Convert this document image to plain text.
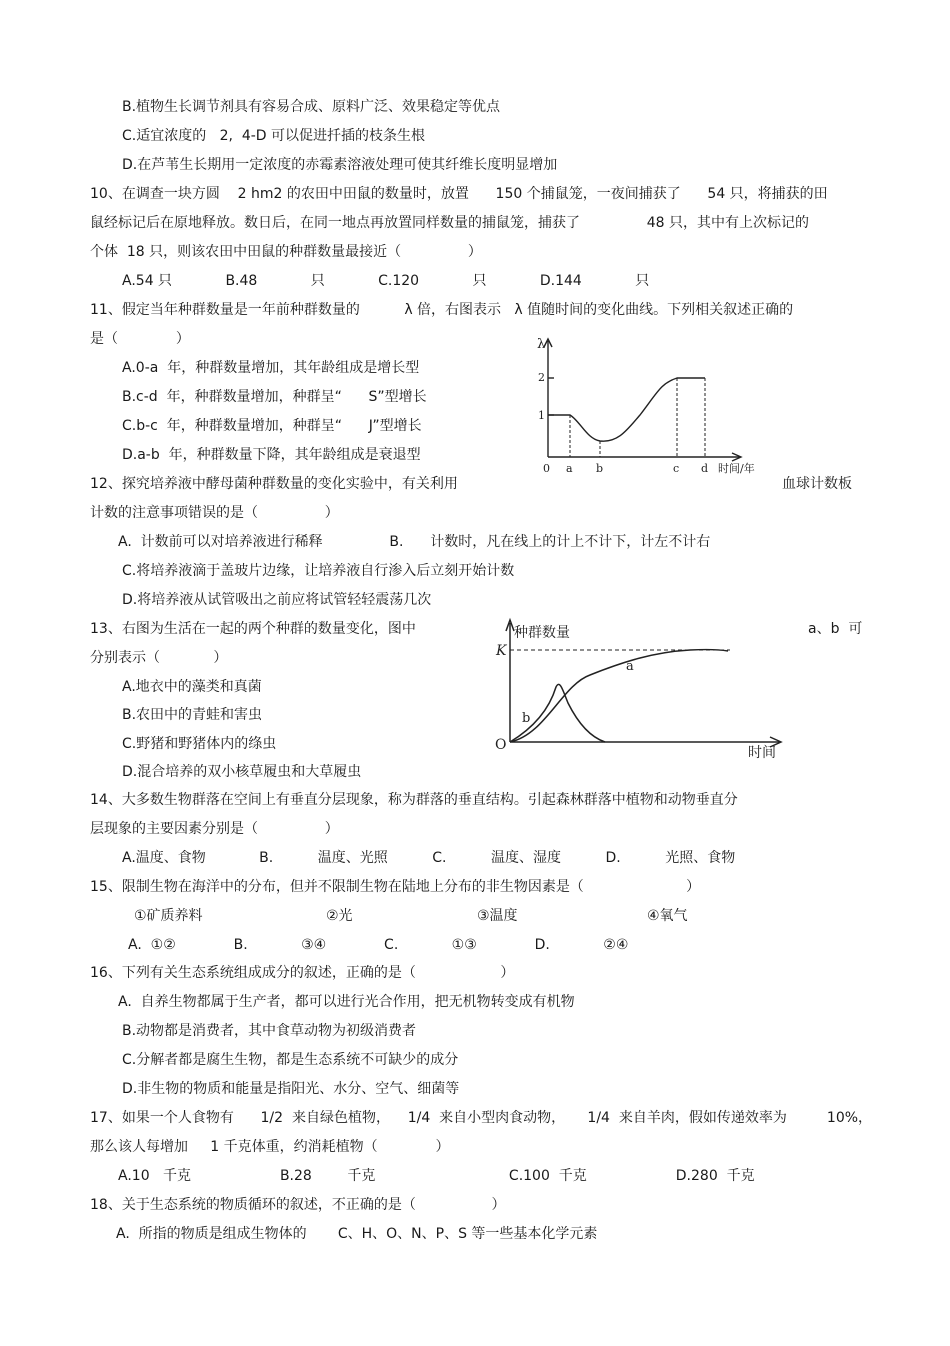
B.植物生长调节剂具有容易合成、原料广泛、效果稳定等优点
C.适宜浓度的   2,  4-D 可以促进扦插的枝条生根
D.在芦苇生长期用一定浓度的赤霉素溶液处理可使其纤维长度明显增加
10、在调查一块方圆    2 hm2 的农田中田鼠的数量时，放置      150 个捕鼠笼，一夜间捕获了      54 只，将捕获的田
鼠经标记后在原地释放。数日后，在同一地点再放置同样数量的捕鼠笼，捕获了               48 只，其中有上次标记的
个体  18 只，则该农田中田鼠的种群数量最接近（               ）
A.54 只            B.48            只            C.120            只            D.144            只
11、假定当年种群数量是一年前种群数量的          λ 倍，右图表示   λ 值随时间的变化曲线。下列相关叙述正确的
是（             ）
A.0-a  年，种群数量增加，其年龄组成是增长型
B.c-d  年，种群数量增加，种群呈“      S”型增长
C.b-c  年，种群数量增加，种群呈“      J”型增长
D.a-b  年，种群数量下降，其年龄组成是衰退型
12、探究培养液中酵母菌种群数量的变化实验中，有关利用	血球计数板
计数的注意事项错误的是（               ）
A.  计数前可以对培养液进行稀释               B.      计数时，凡在线上的计上不计下，计左不计右
C.将培养液滴于盖玻片边缘，让培养液自行渗入后立刻开始计数
D.将培养液从试管吸出之前应将试管轻轻震荡几次
13、右图为生活在一起的两个种群的数量变化，图中	a、b  可
分别表示（            ）
A.地衣中的藻类和真菌
B.农田中的青蛙和害虫
C.野猪和野猪体内的绦虫
D.混合培养的双小核草履虫和大草履虫
14、大多数生物群落在空间上有垂直分层现象，称为群落的垂直结构。引起森林群落中植物和动物垂直分
层现象的主要因素分别是（               ）
A.温度、食物            B.          温度、光照          C.          温度、湿度          D.          光照、食物
15、限制生物在海洋中的分布，但并不限制生物在陆地上分布的非生物因素是（                       ）
①矿质养料	②光	③温度	④氧气
A.  ①②             B.            ③④             C.            ①③             D.            ②④
16、下列有关生态系统组成成分的叙述，正确的是（                   ）
A.  自养生物都属于生产者，都可以进行光合作用，把无机物转变成有机物
B.动物都是消费者，其中食草动物为初级消费者
C.分解者都是腐生生物，都是生态系统不可缺少的成分
D.非生物的物质和能量是指阳光、水分、空气、细菌等
17、如果一个人食物有      1/2  来自绿色植物，    1/4  来自小型肉食动物，     1/4  来自羊肉，假如传递效率为         10%，
那么该人每增加     1 千克体重，约消耗植物（             ）
A.10   千克                    B.28        千克                              C.100  千克                    D.280  千克
18、关于生态系统的物质循环的叙述，不正确的是（                 ）
A.  所指的物质是组成生物体的       C、H、O、N、P、S 等一些基本化学元素
λ
2
1
0 a b	c d 时间/年
种群数量
K
O	时间
a
b
